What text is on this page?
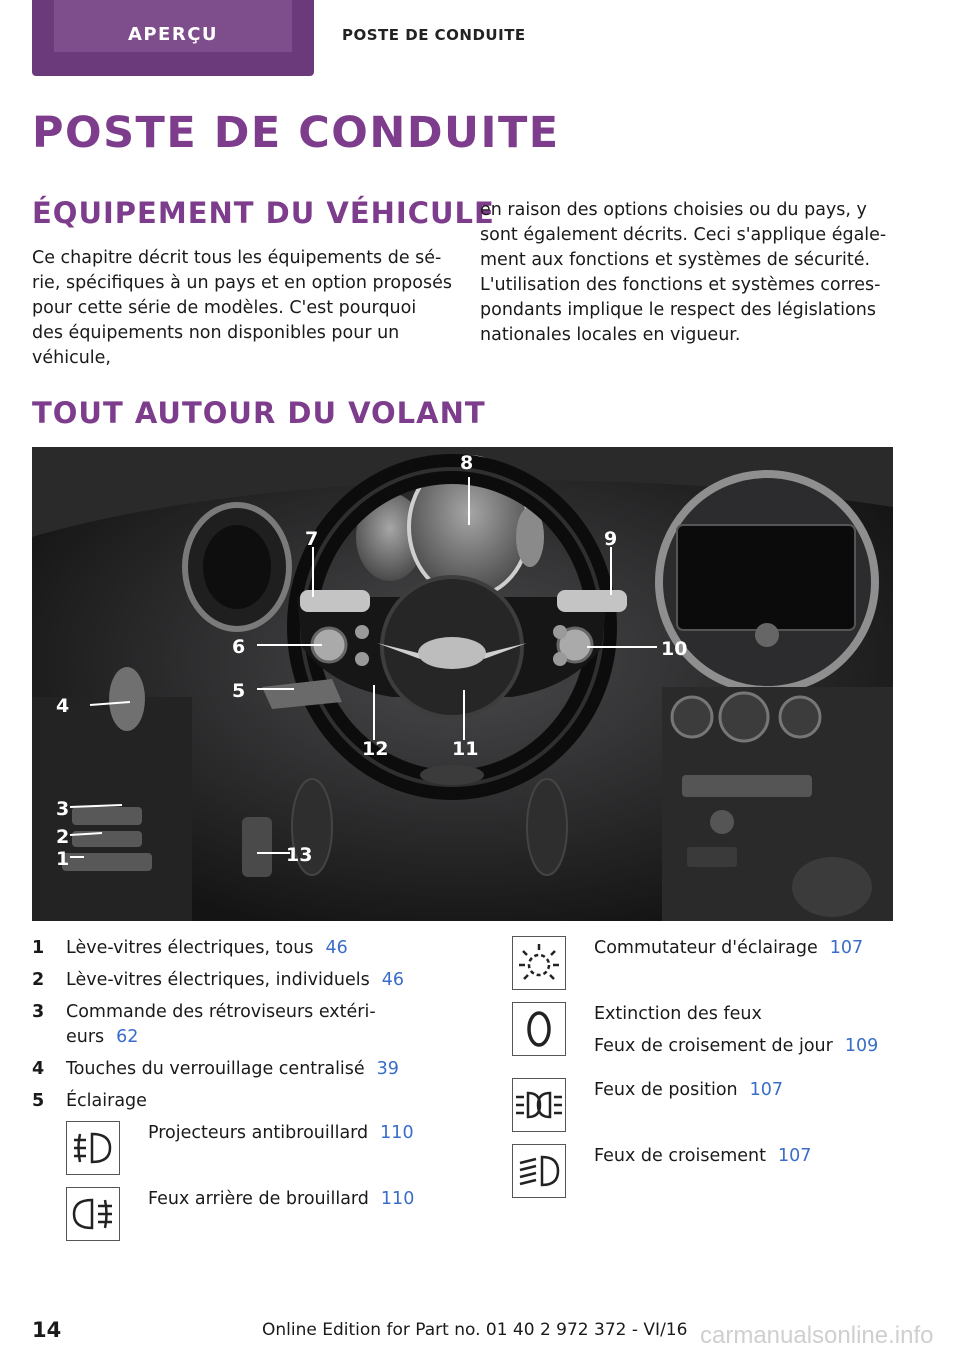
APERÇU	POSTE DE CONDUITE
POSTE DE CONDUITE
ÉQUIPEMENT DU VÉHICULE

Ce chapitre décrit tous les équipements de sé-rie, spécifiques à un pays et en option proposés pour cette série de modèles. C'est pourquoi des équipements non disponibles pour un véhicule,

en raison des options choisies ou du pays, y sont également décrits. Ceci s'applique égale-ment aux fonctions et systèmes de sécurité. L'utilisation des fonctions et systèmes corres-pondants implique le respect des législations nationales locales en vigueur.

TOUT AUTOUR DU VOLANT
8
7	9
6
5
4
10
12	11
3
2
1	13
1	Lève-vitres électriques, tous 46
2	Lève-vitres électriques, individuels 46
3	Commande des rétroviseurs extéri-eurs 62
4	Touches du verrouillage centralisé 39
5	Éclairage
Projecteurs antibrouillard 110
Feux arrière de brouillard 110
Commutateur d'éclairage 107
Extinction des feux
Feux de croisement de jour 109
Feux de position 107
Feux de croisement 107
14	Online Edition for Part no. 01 40 2 972 372 - VI/16 carmanualsonline.info
